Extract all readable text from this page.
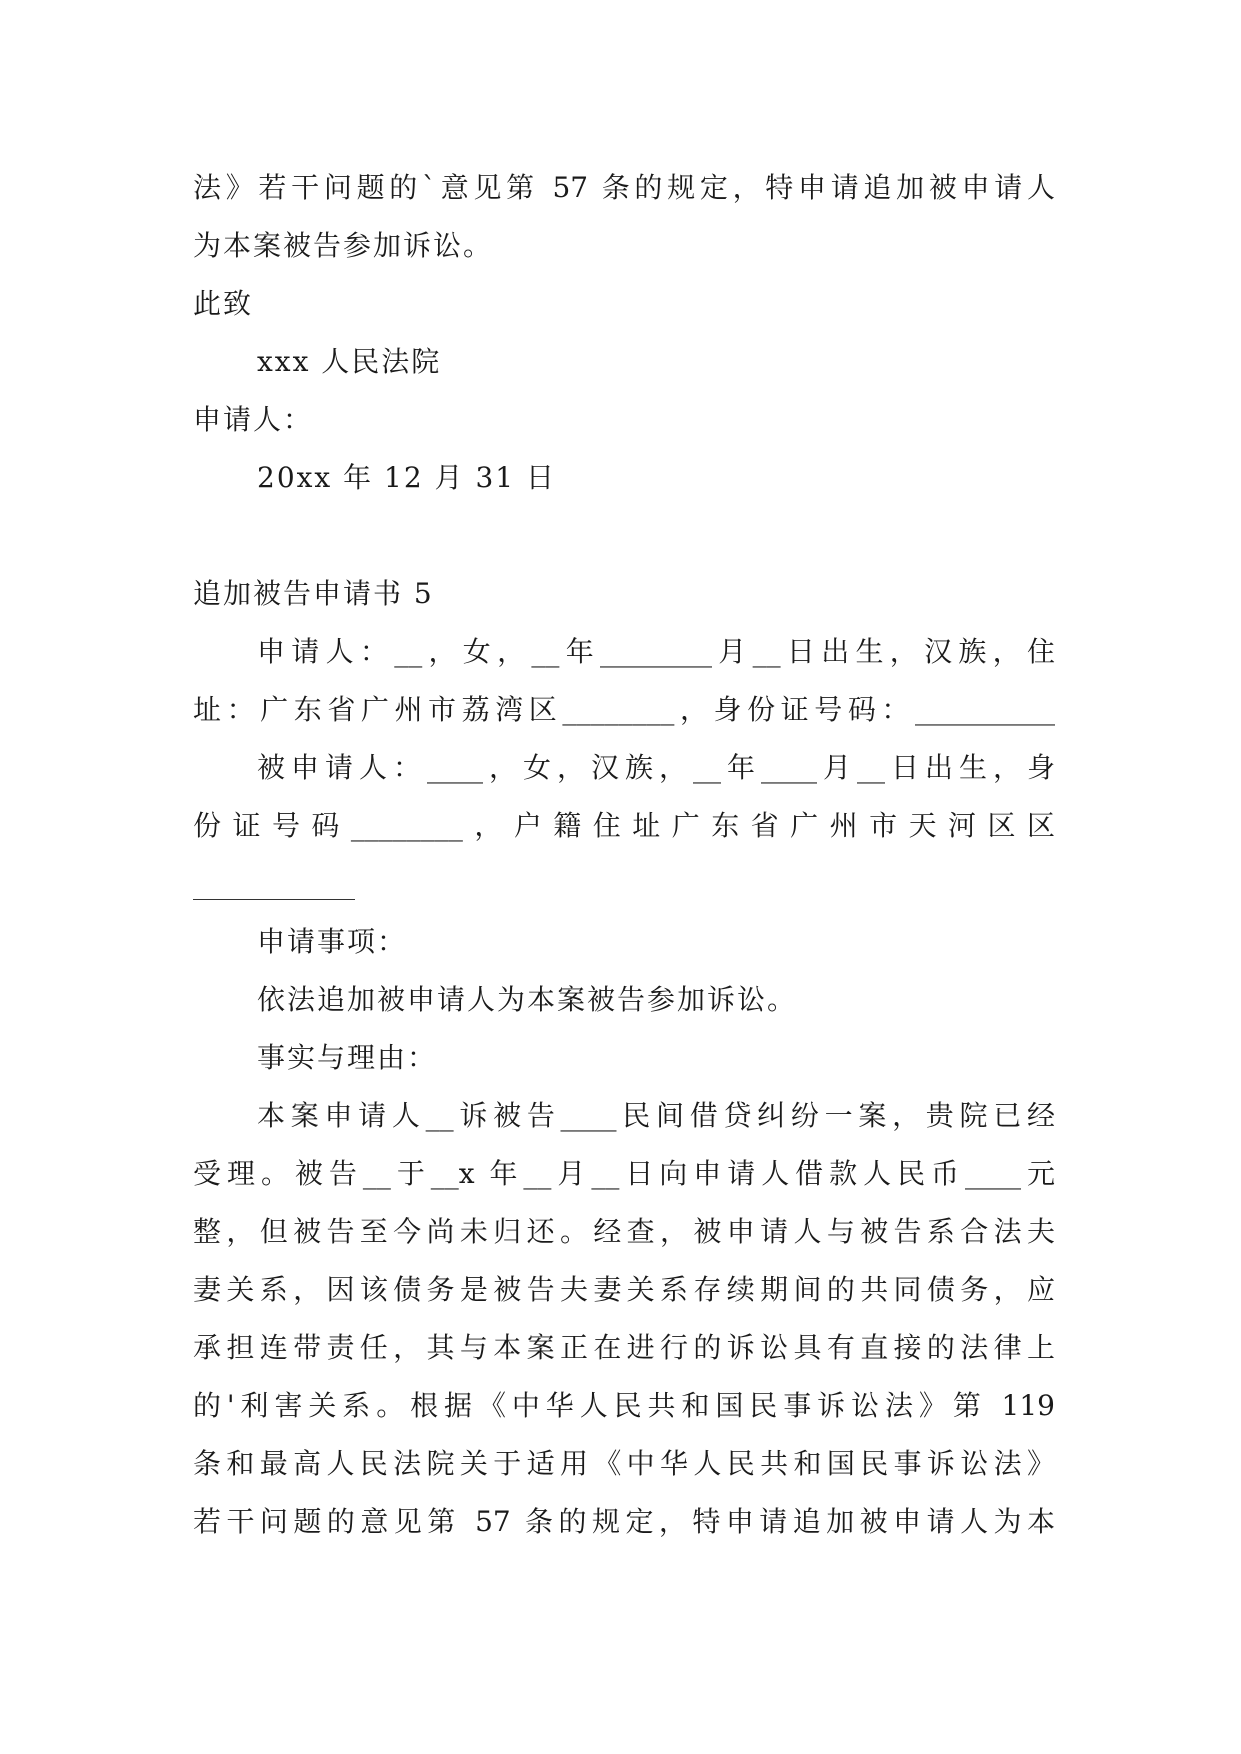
法》若干问题的`意见第 57 条的规定，特申请追加被申请人
为本案被告参加诉讼。
此致
xxx 人民法院
申请人：
20xx 年 12 月 31 日
追加被告申请书 5
申请人：__，女，__年________月__日出生，汉族，住
址：广东省广州市荔湾区________，身份证号码：__________
被申请人：____，女，汉族，__年____月__日出生，身
份证号码________，户籍住址广东省广州市天河区区
申请事项：
依法追加被申请人为本案被告参加诉讼。
事实与理由：
本案申请人__诉被告____民间借贷纠纷一案，贵院已经
受理。被告__于__x 年__月__日向申请人借款人民币____元
整，但被告至今尚未归还。经查，被申请人与被告系合法夫
妻关系，因该债务是被告夫妻关系存续期间的共同债务，应
承担连带责任，其与本案正在进行的诉讼具有直接的法律上
的'利害关系。根据《中华人民共和国民事诉讼法》第 119
条和最高人民法院关于适用《中华人民共和国民事诉讼法》
若干问题的意见第 57 条的规定，特申请追加被申请人为本
